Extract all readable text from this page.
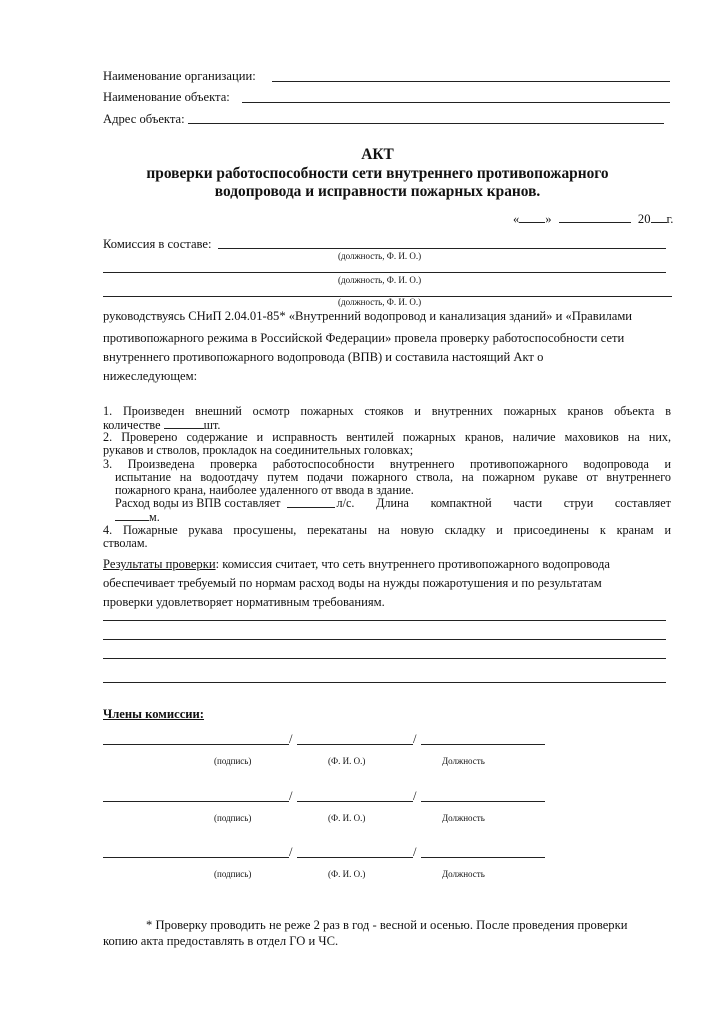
Наименование организации:
Наименование объекта:
Адрес объекта:
АКТ
проверки работоспособности сети внутреннего противопожарного
водопровода и исправности пожарных кранов.
« »	20 г.
Комиссия в составе:
(должность, Ф. И. О.)
(должность, Ф. И. О.)
(должность, Ф. И. О.)
руководствуясь СНиП 2.04.01-85* «Внутренний водопровод и канализация зданий» и «Правилами
противопожарного режима в Российской Федерации» провела проверку работоспособности сети
внутреннего противопожарного водопровода (ВПВ) и составила настоящий Акт о
нижеследующем:
1. Произведен внешний осмотр пожарных стояков и внутренних пожарных кранов объекта в
количестве	шт.
2. Проверено содержание и исправность вентилей пожарных кранов, наличие маховиков на них,
рукавов и стволов, прокладок на соединительных головках;
3. Произведена проверка работоспособности внутреннего противопожарного водопровода и
испытание на водоотдачу путем подачи пожарного ствола, на пожарном рукаве от внутреннего
пожарного крана, наиболее удаленного от ввода в здание.
Расход воды из ВПВ составляет	л/с. Длина компактной части струи составляет
м.
4. Пожарные рукава просушены, перекатаны на новую складку и присоединены к кранам и
стволам.
Результаты проверки: комиссия считает, что сеть внутреннего противопожарного водопровода
обеспечивает требуемый по нормам расход воды на нужды пожаротушения и по результатам
проверки удовлетворяет нормативным требованиям.
Члены комиссии:
/	/
(подпись)	(Ф. И. О.)	Должность
/	/
(подпись)	(Ф. И. О.)	Должность
/	/
(подпись)	(Ф. И. О.)	Должность
* Проверку проводить не реже 2 раз в год - весной и осенью. После проведения проверки
копию акта предоставлять в отдел ГО и ЧС.
